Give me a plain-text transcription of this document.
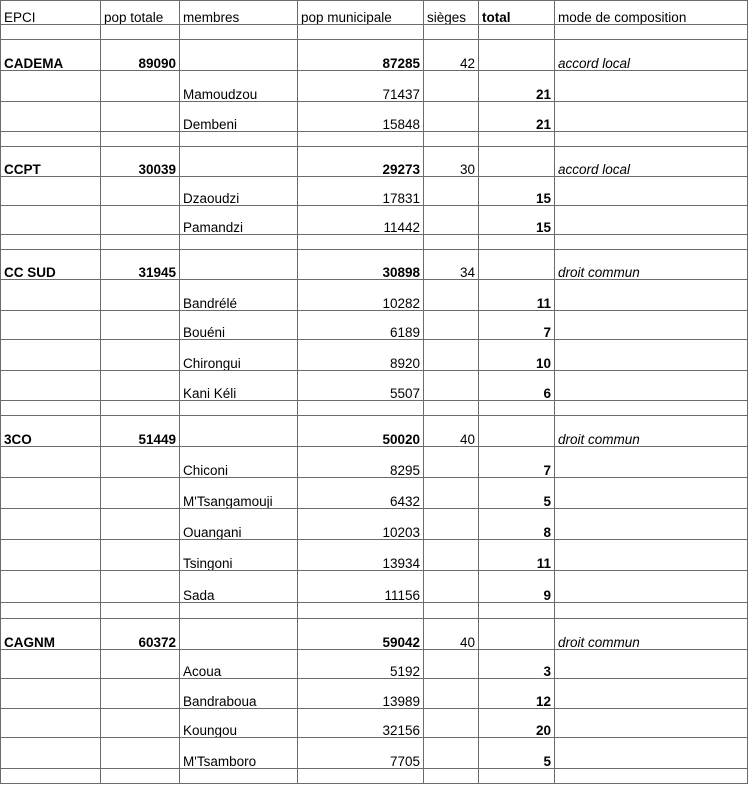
EPCI	pop totale	membres	pop municipale	sièges	total	mode de composition

CADEMA	89090		87285	42		accord local
		Mamoudzou	71437		21	
		Dembeni	15848		21	

CCPT	30039		29273	30		accord local
		Dzaoudzi	17831		15	
		Pamandzi	11442		15	

CC SUD	31945		30898	34		droit commun
		Bandrélé	10282		11	
		Bouéni	6189		7	
		Chirongui	8920		10	
		Kani Kéli	5507		6	

3CO	51449		50020	40		droit commun
		Chiconi	8295		7	
		M'Tsangamouji	6432		5	
		Ouangani	10203		8	
		Tsingoni	13934		11	
		Sada	11156		9	

CAGNM	60372		59042	40		droit commun
		Acoua	5192		3	
		Bandraboua	13989		12	
		Koungou	32156		20	
		M'Tsamboro	7705		5	
